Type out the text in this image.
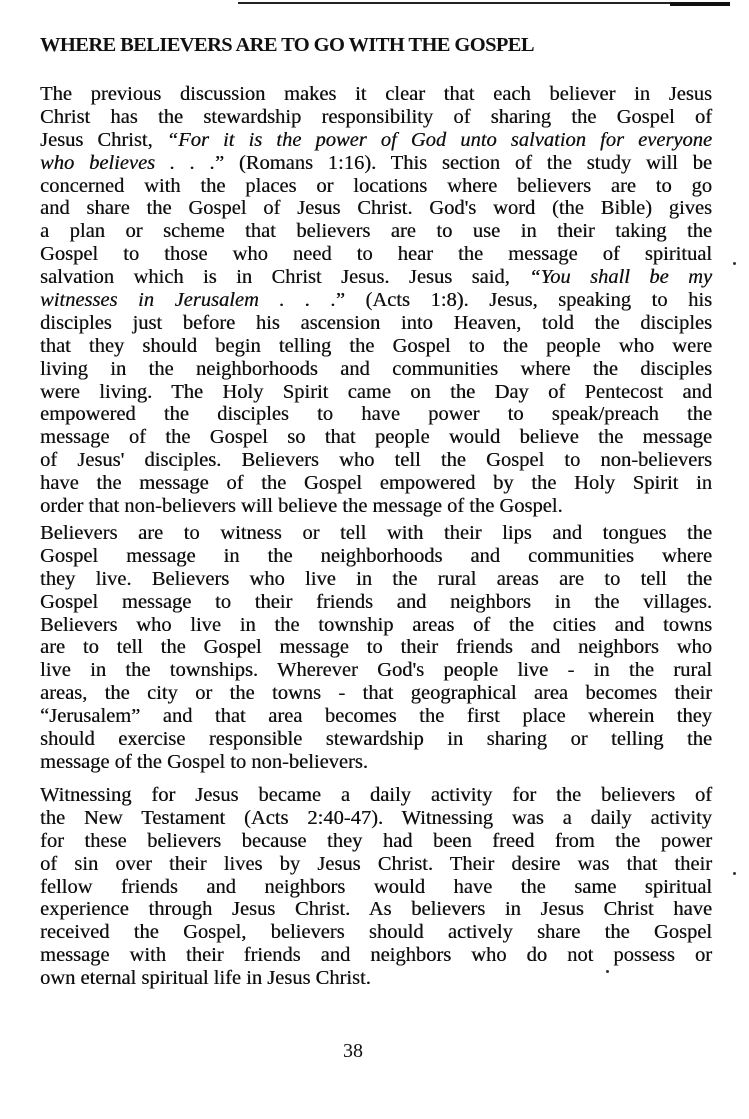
WHERE BELIEVERS ARE TO GO WITH THE GOSPEL
The previous discussion makes it clear that each believer in Jesus
Christ has the stewardship responsibility of sharing the Gospel of
Jesus Christ, “For it is the power of God unto salvation for everyone
who believes . . .” (Romans 1:16). This section of the study will be
concerned with the places or locations where believers are to go
and share the Gospel of Jesus Christ. God's word (the Bible) gives
a plan or scheme that believers are to use in their taking the
Gospel to those who need to hear the message of spiritual
salvation which is in Christ Jesus. Jesus said, “You shall be my
witnesses in Jerusalem . . .” (Acts 1:8). Jesus, speaking to his
disciples just before his ascension into Heaven, told the disciples
that they should begin telling the Gospel to the people who were
living in the neighborhoods and communities where the disciples
were living. The Holy Spirit came on the Day of Pentecost and
empowered the disciples to have power to speak/preach the
message of the Gospel so that people would believe the message
of Jesus' disciples. Believers who tell the Gospel to non-believers
have the message of the Gospel empowered by the Holy Spirit in
order that non-believers will believe the message of the Gospel.
Believers are to witness or tell with their lips and tongues the
Gospel message in the neighborhoods and communities where
they live. Believers who live in the rural areas are to tell the
Gospel message to their friends and neighbors in the villages.
Believers who live in the township areas of the cities and towns
are to tell the Gospel message to their friends and neighbors who
live in the townships. Wherever God's people live - in the rural
areas, the city or the towns - that geographical area becomes their
“Jerusalem” and that area becomes the first place wherein they
should exercise responsible stewardship in sharing or telling the
message of the Gospel to non-believers.
Witnessing for Jesus became a daily activity for the believers of
the New Testament (Acts 2:40-47). Witnessing was a daily activity
for these believers because they had been freed from the power
of sin over their lives by Jesus Christ. Their desire was that their
fellow friends and neighbors would have the same spiritual
experience through Jesus Christ. As believers in Jesus Christ have
received the Gospel, believers should actively share the Gospel
message with their friends and neighbors who do not possess or
own eternal spiritual life in Jesus Christ.
38
